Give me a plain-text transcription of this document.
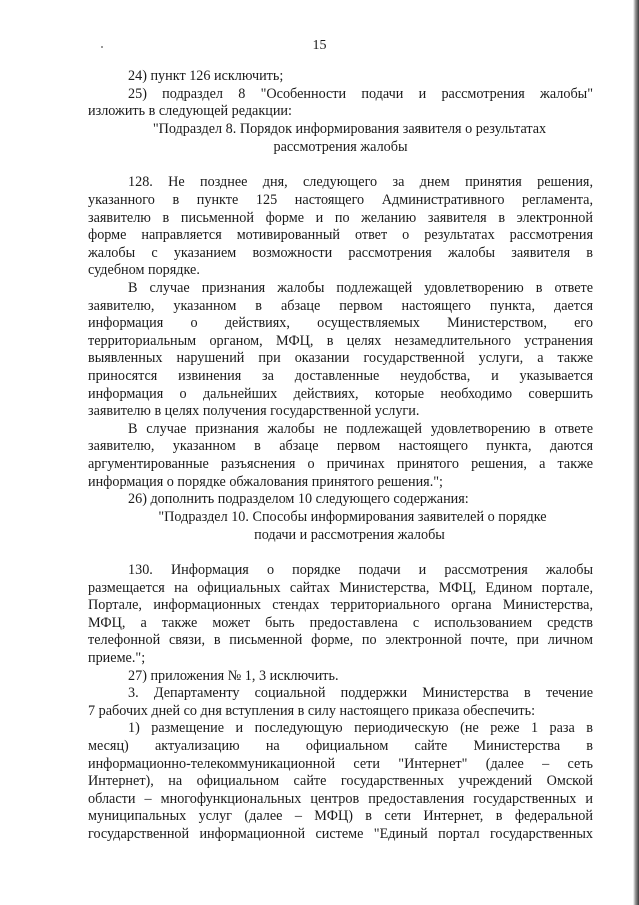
15
24) пункт 126 исключить;
25) подраздел 8 "Особенности подачи и рассмотрения жалобы"
изложить в следующей редакции:
"Подраздел 8. Порядок информирования заявителя о результатах
рассмотрения жалобы
128. Не позднее дня, следующего за днем принятия решения,
указанного в пункте 125 настоящего Административного регламента,
заявителю в письменной форме и по желанию заявителя в электронной
форме направляется мотивированный ответ о результатах рассмотрения
жалобы с указанием возможности рассмотрения жалобы заявителя в
судебном порядке.
В случае признания жалобы подлежащей удовлетворению в ответе
заявителю, указанном в абзаце первом настоящего пункта, дается
информация о действиях, осуществляемых Министерством, его
территориальным органом, МФЦ, в целях незамедлительного устранения
выявленных нарушений при оказании государственной услуги, а также
приносятся извинения за доставленные неудобства, и указывается
информация о дальнейших действиях, которые необходимо совершить
заявителю в целях получения государственной услуги.
В случае признания жалобы не подлежащей удовлетворению в ответе
заявителю, указанном в абзаце первом настоящего пункта, даются
аргументированные разъяснения о причинах принятого решения, а также
информация о порядке обжалования принятого решения.";
26) дополнить подразделом 10 следующего содержания:
"Подраздел 10. Способы информирования заявителей о порядке
подачи и рассмотрения жалобы
130. Информация о порядке подачи и рассмотрения жалобы
размещается на официальных сайтах Министерства, МФЦ, Едином портале,
Портале, информационных стендах территориального органа Министерства,
МФЦ, а также может быть предоставлена с использованием средств
телефонной связи, в письменной форме, по электронной почте, при личном
приеме.";
27) приложения № 1, 3 исключить.
3. Департаменту социальной поддержки Министерства в течение
7 рабочих дней со дня вступления в силу настоящего приказа обеспечить:
1) размещение и последующую периодическую (не реже 1 раза в
месяц) актуализацию на официальном сайте Министерства в
информационно-телекоммуникационной сети "Интернет" (далее – сеть
Интернет), на официальном сайте государственных учреждений Омской
области – многофункциональных центров предоставления государственных и
муниципальных услуг (далее – МФЦ) в сети Интернет, в федеральной
государственной информационной системе "Единый портал государственных
